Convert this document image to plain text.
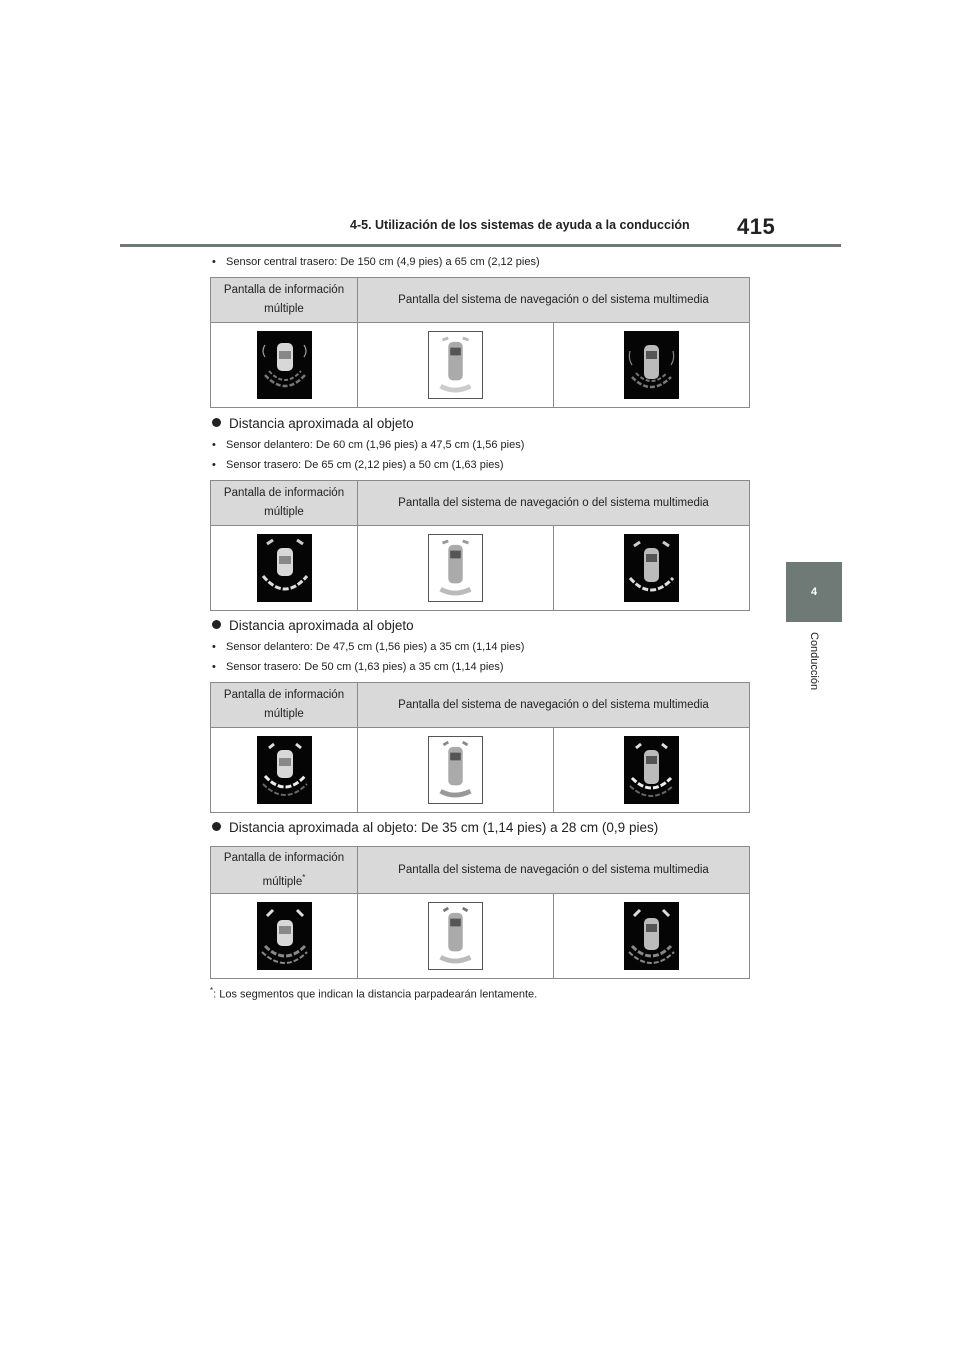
4-5. Utilización de los sistemas de ayuda a la conducción	415
4
Conducción
• Sensor central trasero: De 150 cm (4,9 pies) a 65 cm (2,12 pies)
Pantalla de información
múltiple	Pantalla del sistema de navegación o del sistema multimedia	

Distancia aproximada al objeto
• Sensor delantero: De 60 cm (1,96 pies) a 47,5 cm (1,56 pies)
• Sensor trasero: De 65 cm (2,12 pies) a 50 cm (1,63 pies)
Pantalla de información
múltiple	Pantalla del sistema de navegación o del sistema multimedia	

Distancia aproximada al objeto
• Sensor delantero: De 47,5 cm (1,56 pies) a 35 cm (1,14 pies)
• Sensor trasero: De 50 cm (1,63 pies) a 35 cm (1,14 pies)
Pantalla de información
múltiple	Pantalla del sistema de navegación o del sistema multimedia	

Distancia aproximada al objeto: De 35 cm (1,14 pies) a 28 cm (0,9 pies)
Pantalla de información
múltiple*	Pantalla del sistema de navegación o del sistema multimedia	

*: Los segmentos que indican la distancia parpadearán lentamente.
